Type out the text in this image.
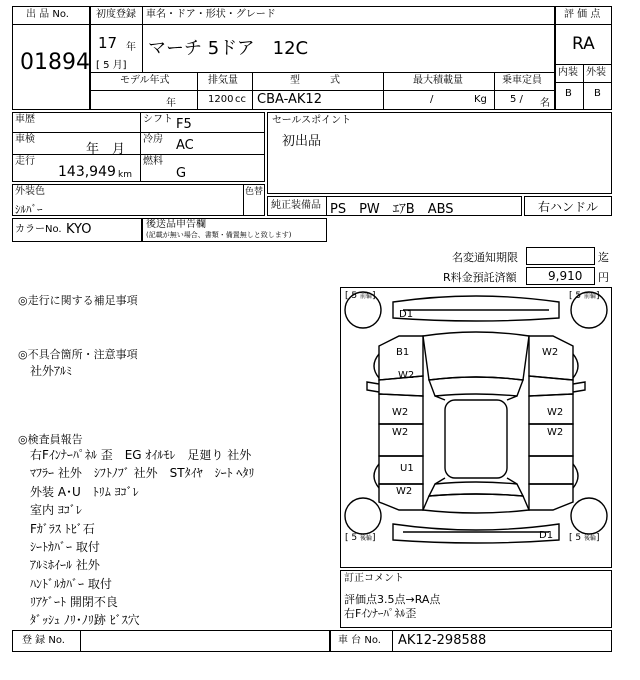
出 品 No.
01894
初度登録 車名・ドア・形状・グレード
17 年
[ 5 月]
マーチ 5ドア　12C
モデル年式	排気量	型　　　式	最大積載量	乗車定員
年	1200 cc CBA-AK12	/	Kg 5 / 名
評 価 点
RA
内装 外装
B B
車歴
車検
年　月
走行
143,949 km
シフト F5
冷房 AC
燃料
G
セールスポイント
初出品
外装色
ｼﾙﾊﾞｰ
色替
純正装備品 PS　PW　ｴｱB　ABS	右ハンドル
カラーNo. KYO	後送品申告欄
(記載が無い場合、書類・備置無しと致します)
名変通知期限	迄
R料金預託済額	9,910 円
◎走行に関する補足事項
◎不具合箇所・注意事項
社外ｱﾙﾐ
◎検査員報告
右Fｲﾝﾅｰﾊﾟﾈﾙ 歪　EG ｵｲﾙﾓﾚ　足廻り 社外
ﾏﾌﾗｰ 社外　ｼﾌﾄﾉﾌﾞ 社外　STﾀｲﾔ　ｼｰﾄ ﾍﾀﾘ
外装 A･U　ﾄﾘﾑ ﾖｺﾞﾚ
室内 ﾖｺﾞﾚ
Fｶﾞﾗｽ ﾄﾋﾞ石
ｼｰﾄｶﾊﾞｰ 取付
ｱﾙﾐﾎｲｰﾙ 社外
ﾊﾝﾄﾞﾙｶﾊﾞｰ 取付
ﾘｱｹﾞｰﾄ 開閉不良
ﾀﾞｯｼｭ ﾉﾘ･ﾉﾘ跡 ﾋﾞｽ穴
[ 5 前輪]	[ 5 前輪]
[ 5 後輪]	[ 5 後輪]
D1
D1
B1
W2
W2
W2
W2
W2
W2
U1
W2
訂正コメント
評価点3.5点→RA点
右Fｲﾝﾅｰﾊﾟﾈﾙ歪
登 録 No.	車 台 No. AK12-298588
